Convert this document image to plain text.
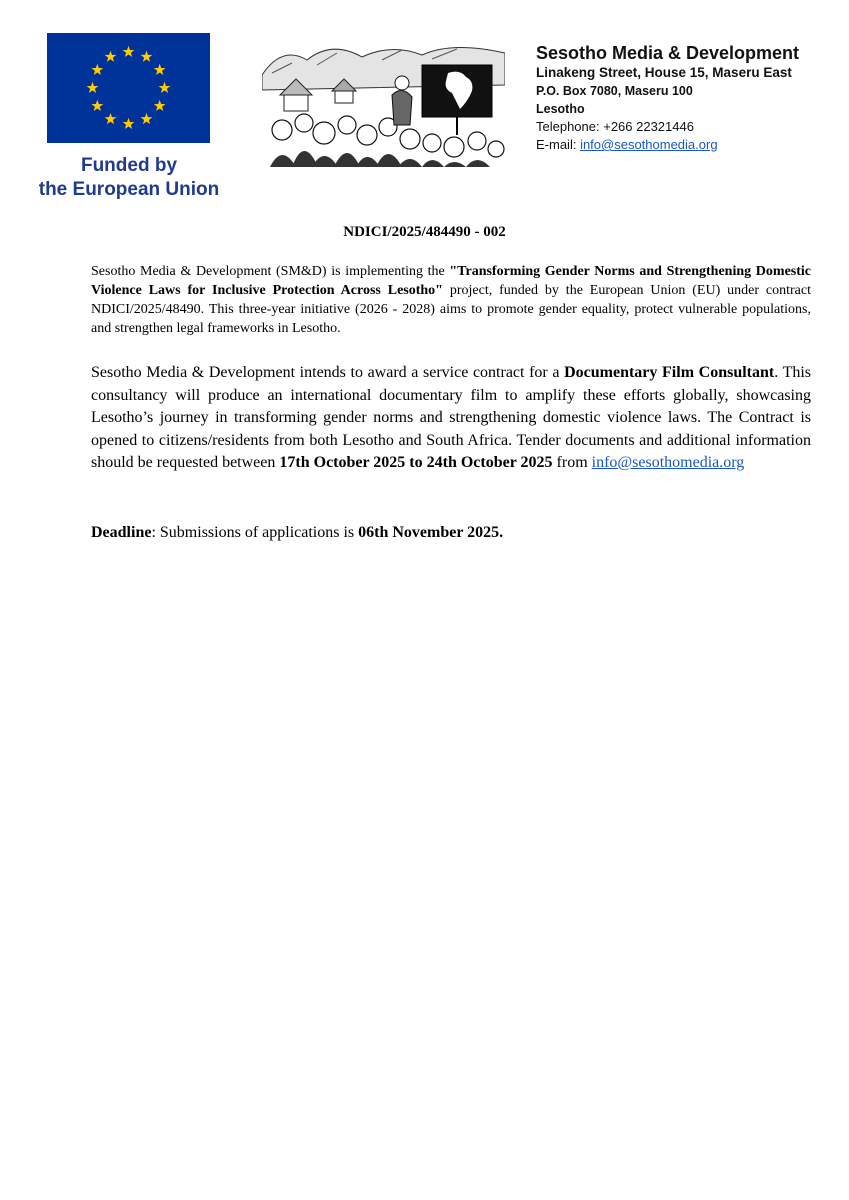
Funded by
the European Union
Sesotho Media & Development
Linakeng Street, House 15, Maseru East
P.O. Box 7080, Maseru 100
Lesotho
Telephone: +266 22321446
E-mail: info@sesothomedia.org
NDICI/2025/484490 - 002
Sesotho Media & Development (SM&D) is implementing the "Transforming Gender Norms and Strengthening Domestic Violence Laws for Inclusive Protection Across Lesotho" project, funded by the European Union (EU) under contract NDICI/2025/48490. This three-year initiative (2026 - 2028) aims to promote gender equality, protect vulnerable populations, and strengthen legal frameworks in Lesotho.
Sesotho Media & Development intends to award a service contract for a Documentary Film Consultant. This consultancy will produce an international documentary film to amplify these efforts globally, showcasing Lesotho’s journey in transforming gender norms and strengthening domestic violence laws. The Contract is opened to citizens/residents from both Lesotho and South Africa. Tender documents and additional information should be requested between 17th October 2025 to 24th October 2025 from info@sesothomedia.org
Deadline: Submissions of applications is 06th November 2025.
